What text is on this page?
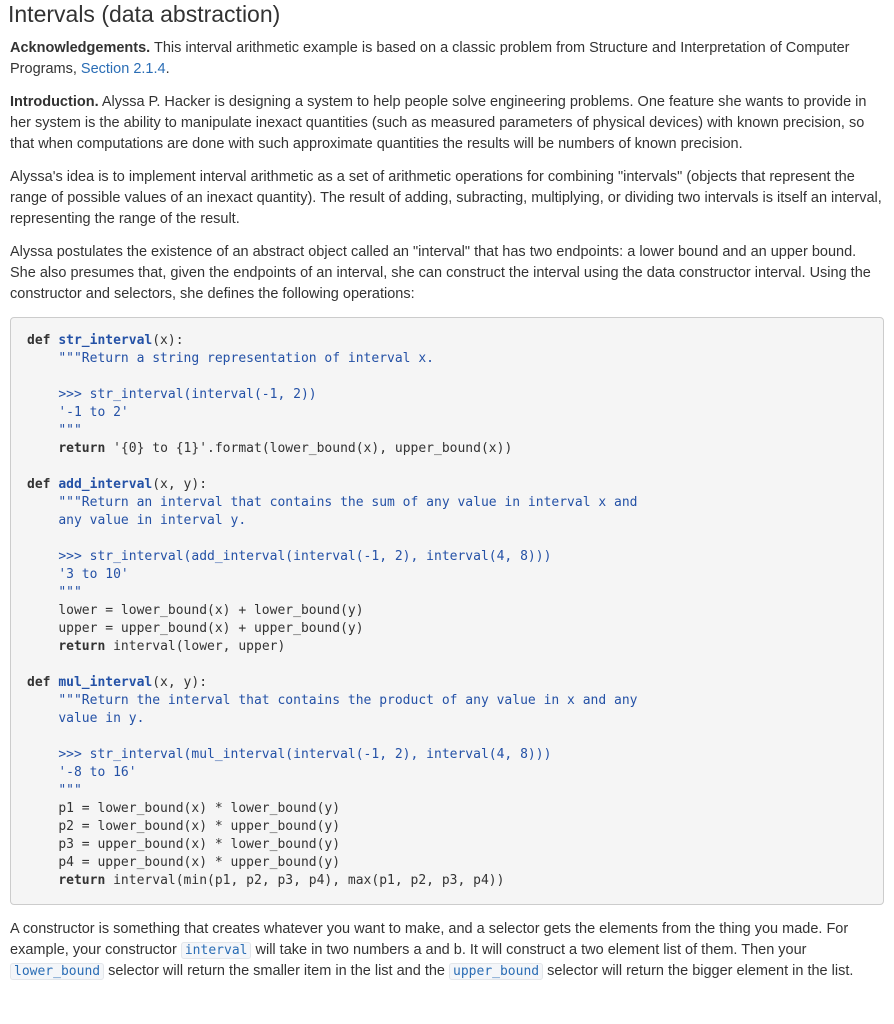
Intervals (data abstraction)

Acknowledgements. This interval arithmetic example is based on a classic problem from Structure and Interpretation of Computer Programs, Section 2.1.4.

Introduction. Alyssa P. Hacker is designing a system to help people solve engineering problems. One feature she wants to provide in her system is the ability to manipulate inexact quantities (such as measured parameters of physical devices) with known precision, so that when computations are done with such approximate quantities the results will be numbers of known precision.

Alyssa's idea is to implement interval arithmetic as a set of arithmetic operations for combining "intervals" (objects that represent the range of possible values of an inexact quantity). The result of adding, subracting, multiplying, or dividing two intervals is itself an interval, representing the range of the result.

Alyssa postulates the existence of an abstract object called an "interval" that has two endpoints: a lower bound and an upper bound. She also presumes that, given the endpoints of an interval, she can construct the interval using the data constructor interval. Using the constructor and selectors, she defines the following operations:

def str_interval(x):
"""Return a string representation of interval x.

>>> str_interval(interval(-1, 2))
'-1 to 2'
"""
return '{0} to {1}'.format(lower_bound(x), upper_bound(x))

def add_interval(x, y):
"""Return an interval that contains the sum of any value in interval x and
any value in interval y.

>>> str_interval(add_interval(interval(-1, 2), interval(4, 8)))
'3 to 10'
"""
lower = lower_bound(x) + lower_bound(y)
upper = upper_bound(x) + upper_bound(y)
return interval(lower, upper)

def mul_interval(x, y):
"""Return the interval that contains the product of any value in x and any
value in y.

>>> str_interval(mul_interval(interval(-1, 2), interval(4, 8)))
'-8 to 16'
"""
p1 = lower_bound(x) * lower_bound(y)
p2 = lower_bound(x) * upper_bound(y)
p3 = upper_bound(x) * lower_bound(y)
p4 = upper_bound(x) * upper_bound(y)
return interval(min(p1, p2, p3, p4), max(p1, p2, p3, p4))

A constructor is something that creates whatever you want to make, and a selector gets the elements from the thing you made. For example, your constructor interval will take in two numbers a and b. It will construct a two element list of them. Then your lower_bound selector will return the smaller item in the list and the upper_bound selector will return the bigger element in the list.
